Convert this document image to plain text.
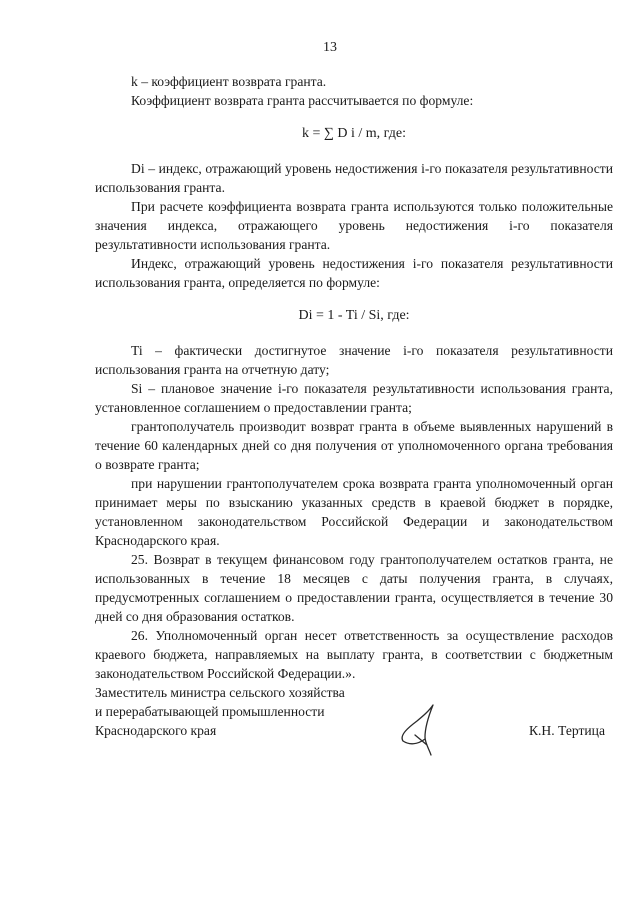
13

k – коэффициент возврата гранта.

Коэффициент возврата гранта рассчитывается по формуле:

k = ∑ D i / m, где:

Di – индекс, отражающий уровень недостижения i-го показателя результативности использования гранта.

При расчете коэффициента возврата гранта используются только положительные значения индекса, отражающего уровень недостижения i-го показателя результативности использования гранта.

Индекс, отражающий уровень недостижения i-го показателя результативности использования гранта, определяется по формуле:

Di = 1 - Ti / Si, где:

Ti – фактически достигнутое значение i-го показателя результативности использования гранта на отчетную дату;

Si – плановое значение i-го показателя результативности использования гранта, установленное соглашением о предоставлении гранта;

грантополучатель производит возврат гранта в объеме выявленных нарушений в течение 60 календарных дней со дня получения от уполномоченного органа требования о возврате гранта;

при нарушении грантополучателем срока возврата гранта уполномоченный орган принимает меры по взысканию указанных средств в краевой бюджет в порядке, установленном законодательством Российской Федерации и законодательством Краснодарского края.

25. Возврат в текущем финансовом году грантополучателем остатков гранта, не использованных в течение 18 месяцев с даты получения гранта, в случаях, предусмотренных соглашением о предоставлении гранта, осуществляется в течение 30 дней со дня образования остатков.

26. Уполномоченный орган несет ответственность за осуществление расходов краевого бюджета, направляемых на выплату гранта, в соответствии с бюджетным законодательством Российской Федерации.».

Заместитель министра сельского хозяйства
и перерабатывающей промышленности
Краснодарского края	К.Н. Тертица
